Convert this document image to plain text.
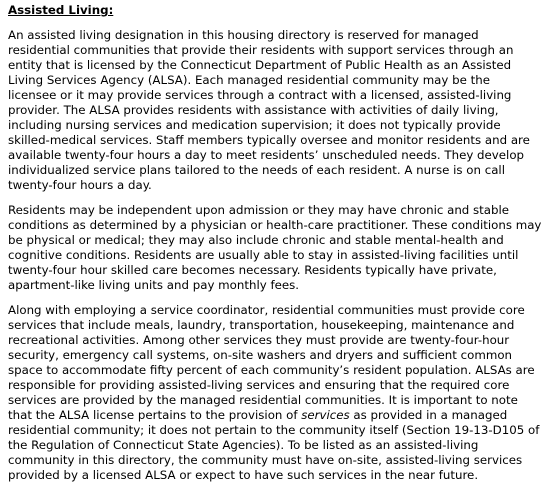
Assisted Living:

An assisted living designation in this housing directory is reserved for managed residential communities that provide their residents with support services through an entity that is licensed by the Connecticut Department of Public Health as an Assisted Living Services Agency (ALSA). Each managed residential community may be the licensee or it may provide services through a contract with a licensed, assisted-living provider. The ALSA provides residents with assistance with activities of daily living, including nursing services and medication supervision; it does not typically provide skilled-medical services. Staff members typically oversee and monitor residents and are available twenty-four hours a day to meet residents’ unscheduled needs. They develop individualized service plans tailored to the needs of each resident. A nurse is on call twenty-four hours a day.

Residents may be independent upon admission or they may have chronic and stable conditions as determined by a physician or health-care practitioner. These conditions may be physical or medical; they may also include chronic and stable mental-health and cognitive conditions. Residents are usually able to stay in assisted-living facilities until twenty-four hour skilled care becomes necessary. Residents typically have private, apartment-like living units and pay monthly fees.

Along with employing a service coordinator, residential communities must provide core services that include meals, laundry, transportation, housekeeping, maintenance and recreational activities. Among other services they must provide are twenty-four-hour security, emergency call systems, on-site washers and dryers and sufficient common space to accommodate fifty percent of each community’s resident population. ALSAs are responsible for providing assisted-living services and ensuring that the required core services are provided by the managed residential communities. It is important to note that the ALSA license pertains to the provision of services as provided in a managed residential community; it does not pertain to the community itself (Section 19-13-D105 of the Regulation of Connecticut State Agencies). To be listed as an assisted-living community in this directory, the community must have on-site, assisted-living services provided by a licensed ALSA or expect to have such services in the near future.
